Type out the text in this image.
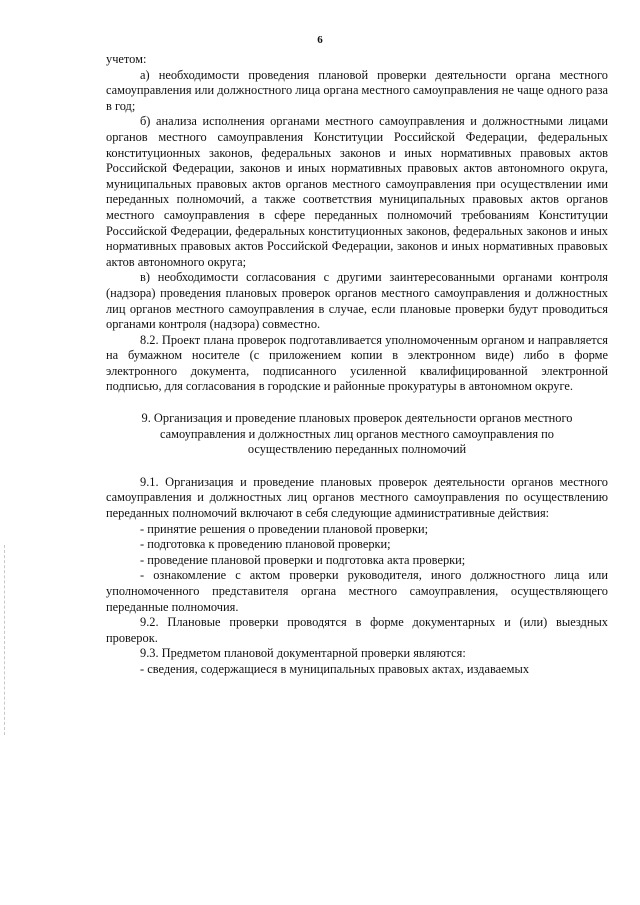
6

учетом:

а) необходимости проведения плановой проверки деятельности органа местного самоуправления или должностного лица органа местного самоуправления не чаще одного раза в год;

б) анализа исполнения органами местного самоуправления и должностными лицами органов местного самоуправления Конституции Российской Федерации, федеральных конституционных законов, федеральных законов и иных нормативных правовых актов Российской Федерации, законов и иных нормативных правовых актов автономного округа, муниципальных правовых актов органов местного самоуправления при осуществлении ими переданных полномочий, а также соответствия муниципальных правовых актов органов местного самоуправления в сфере переданных полномочий требованиям Конституции Российской Федерации, федеральных конституционных законов, федеральных законов и иных нормативных правовых актов Российской Федерации, законов и иных нормативных правовых актов автономного округа;

в) необходимости согласования с другими заинтересованными органами контроля (надзора) проведения плановых проверок органов местного самоуправления и должностных лиц органов местного самоуправления в случае, если плановые проверки будут проводиться органами контроля (надзора) совместно.

8.2. Проект плана проверок подготавливается уполномоченным органом и направляется на бумажном носителе (с приложением копии в электронном виде) либо в форме электронного документа, подписанного усиленной квалифицированной электронной подписью, для согласования в городские и районные прокуратуры в автономном округе.

9. Организация и проведение плановых проверок деятельности органов местного самоуправления и должностных лиц органов местного самоуправления по осуществлению переданных полномочий

9.1. Организация и проведение плановых проверок деятельности органов местного самоуправления и должностных лиц органов местного самоуправления по осуществлению переданных полномочий включают в себя следующие административные действия:

- принятие решения о проведении плановой проверки;

- подготовка к проведению плановой проверки;

- проведение плановой проверки и подготовка акта проверки;

- ознакомление с актом проверки руководителя, иного должностного лица или уполномоченного представителя органа местного самоуправления, осуществляющего переданные полномочия.

9.2. Плановые проверки проводятся в форме документарных и (или) выездных проверок.

9.3. Предметом плановой документарной проверки являются:

- сведения, содержащиеся в муниципальных правовых актах, издаваемых
